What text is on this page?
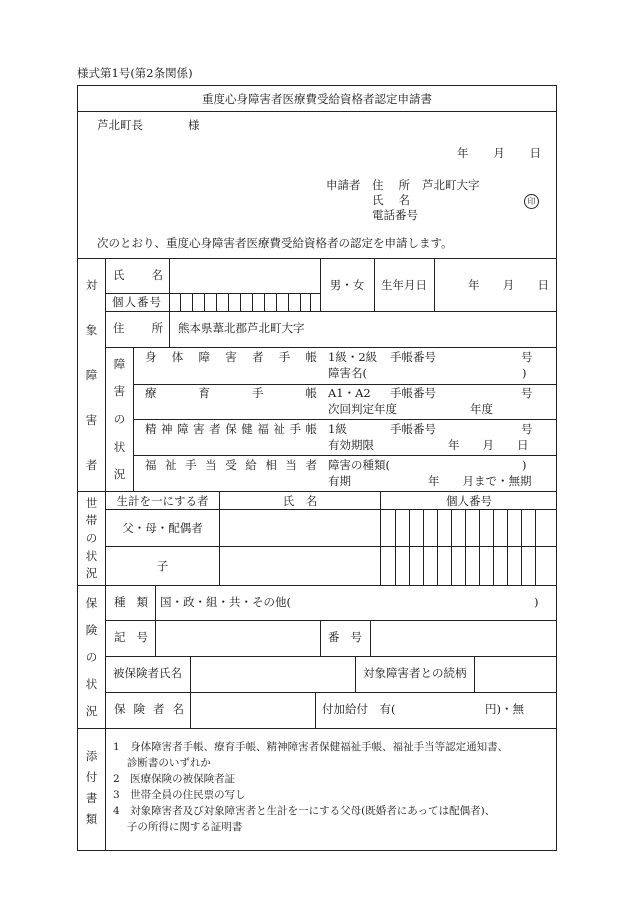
様式第1号(第2条関係)
重度心身障害者医療費受給資格者認定申請書
芦北町長	様
年 月 日
申請者 住 所 芦北町大字
氏 名	印
電話番号
次のとおり、重度心身障害者医療費受給資格者の認定を申請します。
対
象
障
害
者
氏 名
個人番号
男・女	生年月日	年 月 日
住 所 熊本県葦北郡芦北町大字
障
害
の
状
況
身体障害者手帳 1級・2級 手帳番号	号
障害名(	)
療育手帳 A1・A2 手帳番号	号
次回判定年度	年度
精神障害者保健福祉手帳 1級	手帳番号	号
有効期限	年　　月　　日
福祉手当受給相当者 障害の種類(	)
有期	年　　月まで・無期
世
帯
の
状
況
生計を一にする者	氏　名	個人番号
父・母・配偶者
子
保
険
の
状
況
種 類 国・政・組・共・その他(	)
記 号	番 号
被保険者氏名	対象障害者との続柄
保 険 者 名	付加給付　有(	円)・無
添
付
書
類
1　身体障害者手帳、療育手帳、精神障害者保健福祉手帳、福祉手当等認定通知書、
　 診断書のいずれか
2　医療保険の被保険者証
3　世帯全員の住民票の写し
4　対象障害者及び対象障害者と生計を一にする父母(既婚者にあっては配偶者)、
　 子の所得に関する証明書
